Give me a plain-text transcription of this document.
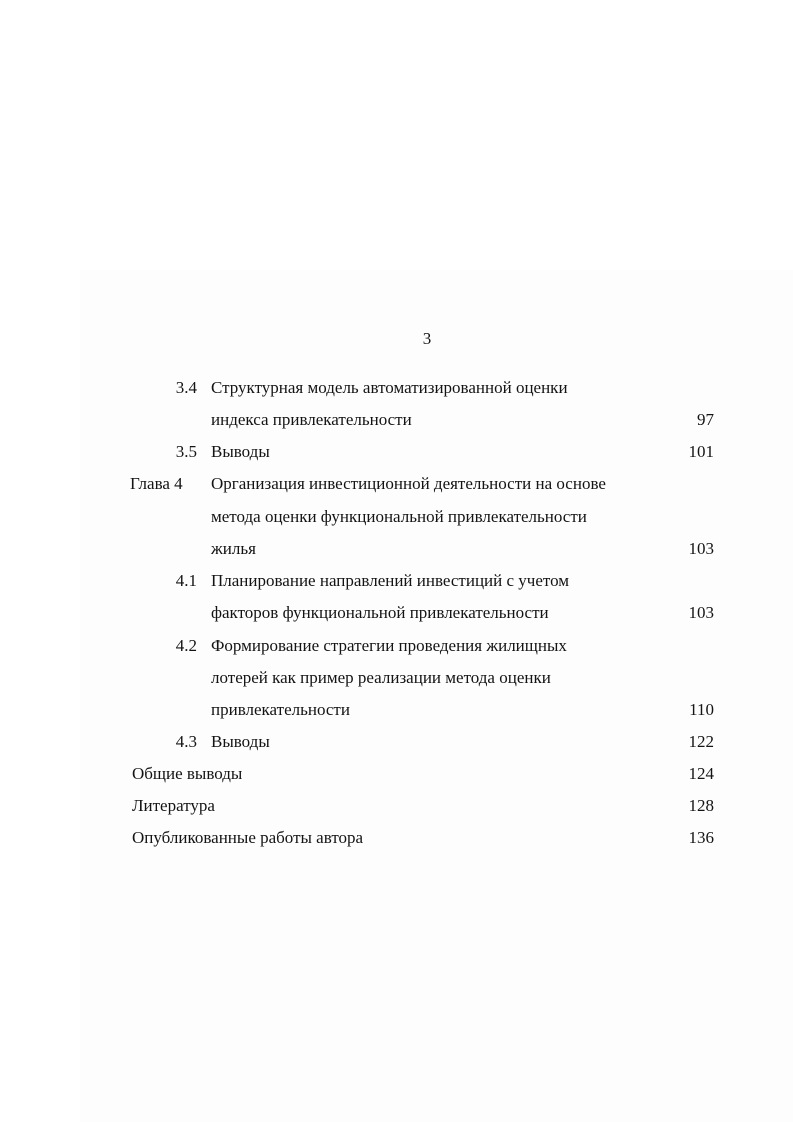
3
3.4 Структурная модель автоматизированной оценки
индекса привлекательности	97
3.5 Выводы	101
Глава 4 Организация инвестиционной деятельности на основе
метода оценки функциональной привлекательности
жилья	103
4.1 Планирование направлений инвестиций с учетом
факторов функциональной привлекательности	103
4.2 Формирование стратегии проведения жилищных
лотерей как пример реализации метода оценки
привлекательности	110
4.3 Выводы	122
Общие выводы	124
Литература	128
Опубликованные работы автора	136
